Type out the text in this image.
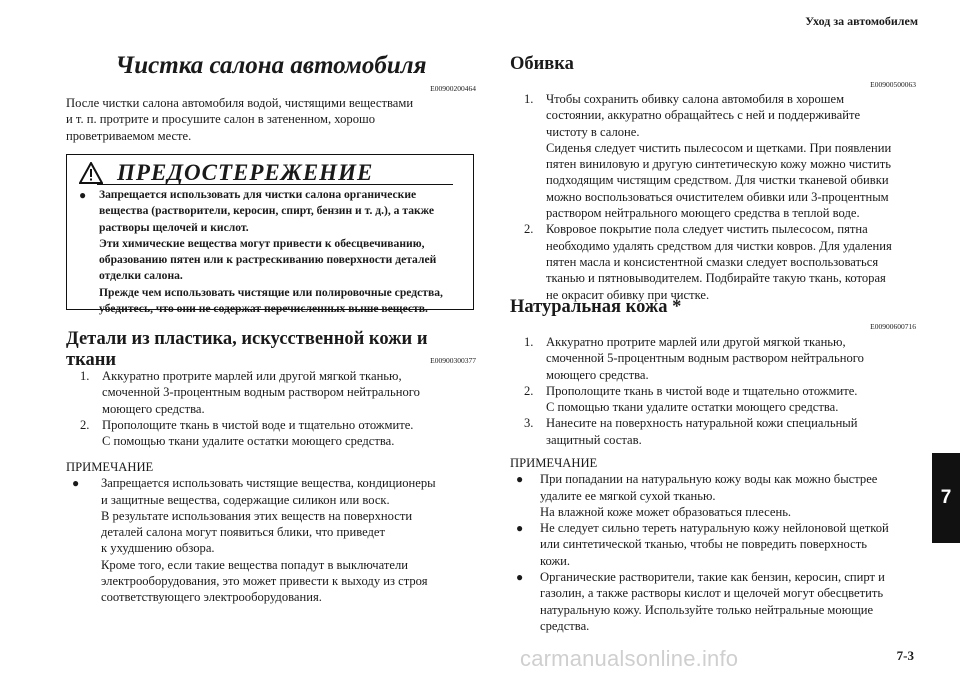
Уход за автомобилем
Чистка салона автомобиля
E00900200464
После чистки салона автомобиля водой, чистящими веществами
и т. п. протрите и просушите салон в затененном, хорошо
проветриваемом месте.
ПРЕДОСТЕРЕЖЕНИЕ
●	Запрещается использовать для чистки салона органические
вещества (растворители, керосин, спирт, бензин и т. д.), а также
растворы щелочей и кислот.
Эти химические вещества могут привести к обесцвечиванию,
образованию пятен или к растрескиванию поверхности деталей
отделки салона.
Прежде чем использовать чистящие или полировочные средства,
убедитесь, что они не содержат перечисленных выше веществ.
Детали из пластика, искусственной кожи и ткани	E00900300377
1. Аккуратно протрите марлей или другой мягкой тканью,
смоченной 3-процентным водным раствором нейтрального
моющего средства.
2. Прополощите ткань в чистой воде и тщательно отожмите.
С помощью ткани удалите остатки моющего средства.
ПРИМЕЧАНИЕ
●	Запрещается использовать чистящие вещества, кондиционеры
и защитные вещества, содержащие силикон или воск.
В результате использования этих веществ на поверхности
деталей салона могут появиться блики, что приведет
к ухудшению обзора.
Кроме того, если такие вещества попадут в выключатели
электрооборудования, это может привести к выходу из строя
соответствующего электрооборудования.
Обивка
E00900500063
1. Чтобы сохранить обивку салона автомобиля в хорошем
состоянии, аккуратно обращайтесь с ней и поддерживайте
чистоту в салоне.
Сиденья следует чистить пылесосом и щетками. При появлении
пятен виниловую и другую синтетическую кожу можно чистить
подходящим чистящим средством. Для чистки тканевой обивки
можно воспользоваться очистителем обивки или 3-процентным
раствором нейтрального моющего средства в теплой воде.
2. Ковровое покрытие пола следует чистить пылесосом, пятна
необходимо удалять средством для чистки ковров. Для удаления
пятен масла и консистентной смазки следует воспользоваться
тканью и пятновыводителем. Подбирайте такую ткань, которая
не окрасит обивку при чистке.
Натуральная кожа *
E00900600716
1. Аккуратно протрите марлей или другой мягкой тканью,
смоченной 5-процентным водным раствором нейтрального
моющего средства.
2. Прополощите ткань в чистой воде и тщательно отожмите.
С помощью ткани удалите остатки моющего средства.
3. Нанесите на поверхность натуральной кожи специальный
защитный состав.
ПРИМЕЧАНИЕ
●	При попадании на натуральную кожу воды как можно быстрее
удалите ее мягкой сухой тканью.
На влажной коже может образоваться плесень.
●	Не следует сильно тереть натуральную кожу нейлоновой щеткой
или синтетической тканью, чтобы не повредить поверхность
кожи.
●	Органические растворители, такие как бензин, керосин, спирт и
газолин, а также растворы кислот и щелочей могут обесцветить
натуральную кожу. Используйте только нейтральные моющие
средства.
7
7-3
carmanualsonline.info
